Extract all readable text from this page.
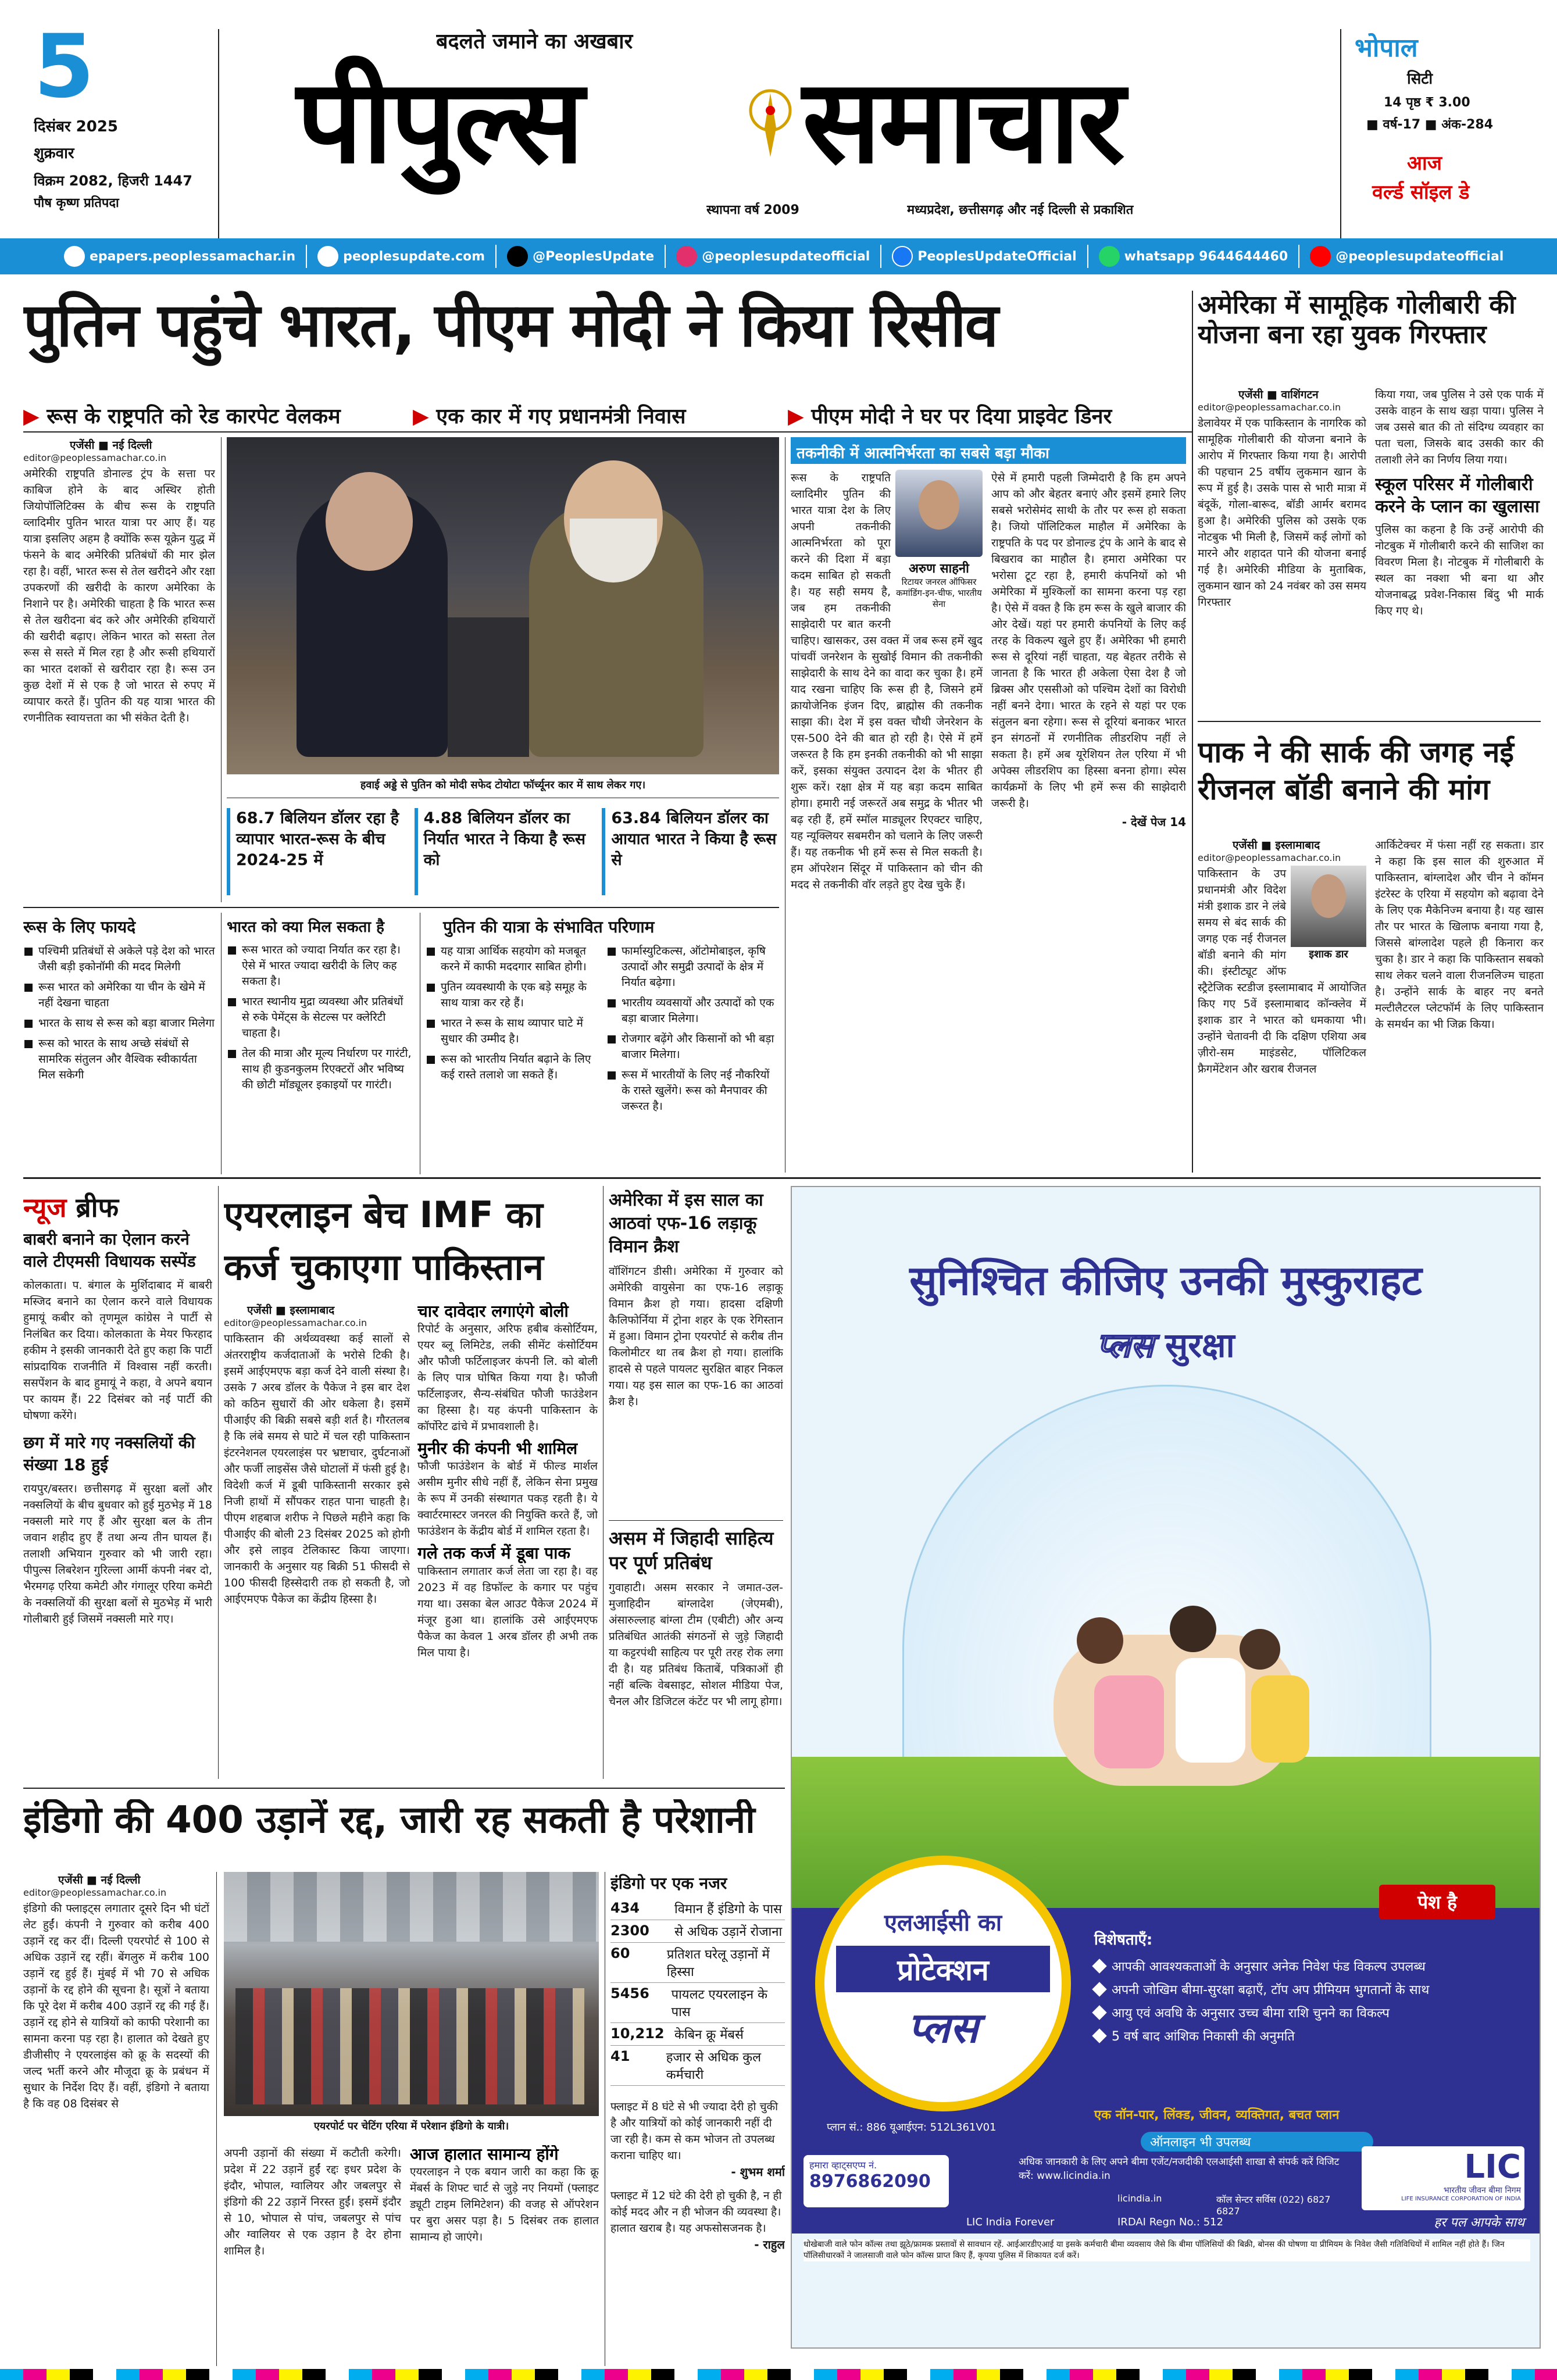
5
दिसंबर 2025
शुक्रवार
विक्रम 2082, हिजरी 1447
पौष कृष्ण प्रतिपदा
बदलते जमाने का अखबार
पीपुल्स समाचार
स्थापना वर्ष 2009	मध्यप्रदेश, छत्तीसगढ़ और नई दिल्ली से प्रकाशित
भोपाल
सिटी
14 पृष्ठ ₹ 3.00
■ वर्ष-17 ■ अंक-284
आज
वर्ल्ड सॉइल डे
epapers.peoplessamachar.in	peoplesupdate.com	@PeoplesUpdate	@peoplesupdateofficial	PeoplesUpdateOfficial	whatsapp 9644644460	@peoplesupdateofficial
पुतिन पहुंचे भारत, पीएम मोदी ने किया रिसीव
▶ रूस के राष्ट्रपति को रेड कारपेट वेलकम	▶ एक कार में गए प्रधानमंत्री निवास	▶ पीएम मोदी ने घर पर दिया प्राइवेट डिनर
एजेंसी ■ नई दिल्ली
editor@peoplessamachar.co.in
अमेरिकी राष्ट्रपति डोनाल्ड ट्रंप के सत्ता पर काबिज होने के बाद अस्थिर होती जियोपॉलिटिक्स के बीच रूस के राष्ट्रपति व्लादिमीर पुतिन भारत यात्रा पर आए हैं। यह यात्रा इसलिए अहम है क्योंकि रूस यूक्रेन युद्ध में फंसने के बाद अमेरिकी प्रतिबंधों की मार झेल रहा है। वहीं, भारत रूस से तेल खरीदने और रक्षा उपकरणों की खरीदी के कारण अमेरिका के निशाने पर है। अमेरिकी चाहता है कि भारत रूस से तेल खरीदना बंद करे और अमेरिकी हथियारों की खरीदी बढ़ाए। लेकिन भारत को सस्ता तेल रूस से सस्ते में मिल रहा है और रूसी हथियारों का भारत दशकों से खरीदार रहा है। रूस उन कुछ देशों में से एक है जो भारत से रुपए में व्यापार करते हैं। पुतिन की यह यात्रा भारत की रणनीतिक स्वायत्तता का भी संकेत देती है।
हवाई अड्डे से पुतिन को मोदी सफेद टोयोटा फॉर्च्यूनर कार में साथ लेकर गए।
68.7 बिलियन डॉलर रहा है व्यापार भारत-रूस के बीच 2024-25 में
4.88 बिलियन डॉलर का निर्यात भारत ने किया है रूस को
63.84 बिलियन डॉलर का आयात भारत ने किया है रूस से
रूस के लिए फायदे
पश्चिमी प्रतिबंधों से अकेले पड़े देश को भारत जैसी बड़ी इकोनॉमी की मदद मिलेगी
रूस भारत को अमेरिका या चीन के खेमे में नहीं देखना चाहता
भारत के साथ से रूस को बड़ा बाजार मिलेगा
रूस को भारत के साथ अच्छे संबंधों से सामरिक संतुलन और वैश्विक स्वीकार्यता मिल सकेगी
भारत को क्या मिल सकता है
रूस भारत को ज्यादा निर्यात कर रहा है। ऐसे में भारत ज्यादा खरीदी के लिए कह सकता है।
भारत स्थानीय मुद्रा व्यवस्था और प्रतिबंधों से रुके पेमेंट्स के सेटल्स पर क्लेरिटी चाहता है।
तेल की मात्रा और मूल्य निर्धारण पर गारंटी, साथ ही कुडनकुलम रिएक्टरों और भविष्य की छोटी मॉड्यूलर इकाइयों पर गारंटी।
पुतिन की यात्रा के संभावित परिणाम
यह यात्रा आर्थिक सहयोग को मजबूत करने में काफी मददगार साबित होगी।
पुतिन व्यवस्थायी के एक बड़े समूह के साथ यात्रा कर रहे हैं।
भारत ने रूस के साथ व्यापार घाटे में सुधार की उम्मीद है।
रूस को भारतीय निर्यात बढ़ाने के लिए कई रास्ते तलाशे जा सकते हैं।
फार्मास्युटिकल्स, ऑटोमोबाइल, कृषि उत्पादों और समुद्री उत्पादों के क्षेत्र में निर्यात बढ़ेगा।
भारतीय व्यवसायों और उत्पादों को एक बड़ा बाजार मिलेगा।
रोजगार बढ़ेंगे और किसानों को भी बड़ा बाजार मिलेगा।
रूस में भारतीयों के लिए नई नौकरियों के रास्ते खुलेंगे। रूस को मैनपावर की जरूरत है।
तकनीकी में आत्मनिर्भरता का सबसे बड़ा मौका
अरुण साहनी
रिटायर जनरल ऑफिसर कमांडिंग-इन-चीफ, भारतीय सेना
रूस के राष्ट्रपति व्लादिमीर पुतिन की भारत यात्रा देश के लिए अपनी तकनीकी आत्मनिर्भरता को पूरा करने की दिशा में बड़ा कदम साबित हो सकती है। यह सही समय है, जब हम तकनीकी साझेदारी पर बात करनी चाहिए। खासकर, उस वक्त में जब रूस हमें खुद पांचवीं जनरेशन के सुखोई विमान की तकनीकी साझेदारी के साथ देने का वादा कर चुका है। हमें याद रखना चाहिए कि रूस ही है, जिसने हमें क्रायोजेनिक इंजन दिए, ब्राह्मोस की तकनीक साझा की। देश में इस वक्त चौथी जेनरेशन के एस-500 देने की बात हो रही है। ऐसे में हमें जरूरत है कि हम इनकी तकनीकी को भी साझा करें, इसका संयुक्त उत्पादन देश के भीतर ही शुरू करें। रक्षा क्षेत्र में यह बड़ा कदम साबित होगा। हमारी नई जरूरतें अब समुद्र के भीतर भी बढ़ रही हैं, हमें स्मॉल माड्यूलर रिएक्टर चाहिए, यह न्यूक्लियर सबमरीन को चलाने के लिए जरूरी हैं। यह तकनीक भी हमें रूस से मिल सकती है। हम ऑपरेशन सिंदूर में पाकिस्तान को चीन की मदद से तकनीकी वॉर लड़ते हुए देख चुके हैं।
ऐसे में हमारी पहली जिम्मेदारी है कि हम अपने आप को और बेहतर बनाएं और इसमें हमारे लिए सबसे भरोसेमंद साथी के तौर पर रूस हो सकता है। जियो पॉलिटिकल माहौल में अमेरिका के राष्ट्रपति के पद पर डोनाल्ड ट्रंप के आने के बाद से बिखराव का माहौल है। हमारा अमेरिका पर भरोसा टूट रहा है, हमारी कंपनियों को भी अमेरिका में मुश्किलों का सामना करना पड़ रहा है। ऐसे में वक्त है कि हम रूस के खुले बाजार की ओर देखें। यहां पर हमारी कंपनियों के लिए कई तरह के विकल्प खुले हुए हैं। अमेरिका भी हमारी रूस से दूरियां नहीं चाहता, यह बेहतर तरीके से जानता है कि भारत ही अकेला ऐसा देश है जो ब्रिक्स और एससीओ को पश्चिम देशों का विरोधी नहीं बनने देगा। भारत के रहने से यहां पर एक संतुलन बना रहेगा। रूस से दूरियां बनाकर भारत इन संगठनों में रणनीतिक लीडरशिप नहीं ले सकता है। हमें अब यूरेशियन तेल एरिया में भी अपेक्स लीडरशिप का हिस्सा बनना होगा। स्पेस कार्यक्रमों के लिए भी हमें रूस की साझेदारी जरूरी है।
- देखें पेज 14
अमेरिका में सामूहिक गोलीबारी की योजना बना रहा युवक गिरफ्तार
एजेंसी ■ वाशिंगटन
editor@peoplessamachar.co.in
डेलावेयर में एक पाकिस्तान के नागरिक को सामूहिक गोलीबारी की योजना बनाने के आरोप में गिरफ्तार किया गया है। आरोपी की पहचान 25 वर्षीय लुकमान खान के रूप में हुई है। उसके पास से भारी मात्रा में बंदूकें, गोला-बारूद, बॉडी आर्मर बरामद हुआ है। अमेरिकी पुलिस को उसके एक नोटबुक भी मिली है, जिसमें कई लोगों को मारने और शहादत पाने की योजना बनाई गई है। अमेरिकी मीडिया के मुताबिक, लुकमान खान को 24 नवंबर को उस समय गिरफ्तार
किया गया, जब पुलिस ने उसे एक पार्क में उसके वाहन के साथ खड़ा पाया। पुलिस ने जब उससे बात की तो संदिग्ध व्यवहार का पता चला, जिसके बाद उसकी कार की तलाशी लेने का निर्णय लिया गया।
स्कूल परिसर में गोलीबारी करने के प्लान का खुलासा
पुलिस का कहना है कि उन्हें आरोपी की नोटबुक में गोलीबारी करने की साजिश का विवरण मिला है। नोटबुक में गोलीबारी के स्थल का नक्शा भी बना था और योजनाबद्ध प्रवेश-निकास बिंदु भी मार्क किए गए थे।
पाक ने की सार्क की जगह नई रीजनल बॉडी बनाने की मांग
एजेंसी ■ इस्लामाबाद
editor@peoplessamachar.co.in
इशाक डार
पाकिस्तान के उप प्रधानमंत्री और विदेश मंत्री इशाक डार ने लंबे समय से बंद सार्क की जगह एक नई रीजनल बॉडी बनाने की मांग की। इंस्टीट्यूट ऑफ स्ट्रैटेजिक स्टडीज इस्लामाबाद में आयोजित किए गए 5वें इस्लामाबाद कॉन्क्लेव में इशाक डार ने भारत को धमकाया भी। उन्होंने चेतावनी दी कि दक्षिण एशिया अब ज़ीरो-सम माइंडसेट, पॉलिटिकल फ्रैगमेंटेशन और खराब रीजनल
आर्किटेक्चर में फंसा नहीं रह सकता। डार ने कहा कि इस साल की शुरुआत में पाकिस्तान, बांग्लादेश और चीन ने कॉमन इंटरेस्ट के एरिया में सहयोग को बढ़ावा देने के लिए एक मैकेनिज्म बनाया है। यह खास तौर पर भारत के खिलाफ बनाया गया है, जिससे बांग्लादेश पहले ही किनारा कर चुका है। डार ने कहा कि पाकिस्तान सबको साथ लेकर चलने वाला रीजनलिज्म चाहता है। उन्होंने सार्क के बाहर नए बनते मल्टीलैटरल प्लेटफॉर्म के लिए पाकिस्तान के समर्थन का भी जिक्र किया।
न्यूज ब्रीफ
बाबरी बनाने का ऐलान करने वाले टीएमसी विधायक सस्पेंड
कोलकाता। प. बंगाल के मुर्शिदाबाद में बाबरी मस्जिद बनाने का ऐलान करने वाले विधायक हुमायूं कबीर को तृणमूल कांग्रेस ने पार्टी से निलंबित कर दिया। कोलकाता के मेयर फिरहाद हकीम ने इसकी जानकारी देते हुए कहा कि पार्टी सांप्रदायिक राजनीति में विश्वास नहीं करती। ससपेंशन के बाद हुमायूं ने कहा, वे अपने बयान पर कायम हैं। 22 दिसंबर को नई पार्टी की घोषणा करेंगे।
छग में मारे गए नक्सलियों की संख्या 18 हुई
रायपुर/बस्तर। छत्तीसगढ़ में सुरक्षा बलों और नक्सलियों के बीच बुधवार को हुई मुठभेड़ में 18 नक्सली मारे गए हैं और सुरक्षा बल के तीन जवान शहीद हुए हैं तथा अन्य तीन घायल हैं। तलाशी अभियान गुरुवार को भी जारी रहा। पीपुल्स लिबरेशन गुरिल्ला आर्मी कंपनी नंबर दो, भैरमगढ़ एरिया कमेटी और गंगालूर एरिया कमेटी के नक्सलियों की सुरक्षा बलों से मुठभेड़ में भारी गोलीबारी हुई जिसमें नक्सली मारे गए।
एयरलाइन बेच IMF का कर्ज चुकाएगा पाकिस्तान
एजेंसी ■ इस्लामाबाद
editor@peoplessamachar.co.in
पाकिस्तान की अर्थव्यवस्था कई सालों से अंतरराष्ट्रीय कर्जदाताओं के भरोसे टिकी है। इसमें आईएमएफ बड़ा कर्ज देने वाली संस्था है। उसके 7 अरब डॉलर के पैकेज ने इस बार देश को कठिन सुधारों की ओर धकेला है। इसमें पीआईए की बिक्री सबसे बड़ी शर्त है। गौरतलब है कि लंबे समय से घाटे में चल रही पाकिस्तान इंटरनेशनल एयरलाइंस पर भ्रष्टाचार, दुर्घटनाओं और फर्जी लाइसेंस जैसे घोटालों में फंसी हुई है। विदेशी कर्ज में डूबी पाकिस्तानी सरकार इसे निजी हाथों में सौंपकर राहत पाना चाहती है। पीएम शहबाज शरीफ ने पिछले महीने कहा कि पीआईए की बोली 23 दिसंबर 2025 को होगी और इसे लाइव टेलिकास्ट किया जाएगा। जानकारी के अनुसार यह बिक्री 51 फीसदी से 100 फीसदी हिस्सेदारी तक हो सकती है, जो आईएमएफ पैकेज का केंद्रीय हिस्सा है।
चार दावेदार लगाएंगे बोली
रिपोर्ट के अनुसार, अरिफ हबीब कंसोर्टियम, एयर ब्लू लिमिटेड, लकी सीमेंट कंसोर्टियम और फौजी फर्टिलाइजर कंपनी लि. को बोली के लिए पात्र घोषित किया गया है। फौजी फर्टिलाइजर, सैन्य-संबंधित फौजी फाउंडेशन का हिस्सा है। यह कंपनी पाकिस्तान के कॉर्पोरेट ढांचे में प्रभावशाली है।
मुनीर की कंपनी भी शामिल
फौजी फाउंडेशन के बोर्ड में फील्ड मार्शल असीम मुनीर सीधे नहीं हैं, लेकिन सेना प्रमुख के रूप में उनकी संस्थागत पकड़ रहती है। ये क्वार्टरमास्टर जनरल की नियुक्ति करते हैं, जो फाउंडेशन के केंद्रीय बोर्ड में शामिल रहता है।
गले तक कर्ज में डूबा पाक
पाकिस्तान लगातार कर्ज लेता जा रहा है। वह 2023 में वह डिफॉल्ट के कगार पर पहुंच गया था। उसका बेल आउट पैकेज 2024 में मंजूर हुआ था। हालांकि उसे आईएमएफ पैकेज का केवल 1 अरब डॉलर ही अभी तक मिल पाया है।
अमेरिका में इस साल का आठवां एफ-16 लड़ाकू विमान क्रैश
वॉशिंगटन डीसी। अमेरिका में गुरुवार को अमेरिकी वायुसेना का एफ-16 लड़ाकू विमान क्रैश हो गया। हादसा दक्षिणी कैलिफोर्निया में ट्रोना शहर के एक रेगिस्तान में हुआ। विमान ट्रोना एयरपोर्ट से करीब तीन किलोमीटर था तब क्रैश हो गया। हालांकि हादसे से पहले पायलट सुरक्षित बाहर निकल गया। यह इस साल का एफ-16 का आठवां क्रैश है।
असम में जिहादी साहित्य पर पूर्ण प्रतिबंध
गुवाहाटी। असम सरकार ने जमात-उल-मुजाहिदीन बांग्लादेश (जेएमबी), अंसारुल्लाह बांग्ला टीम (एबीटी) और अन्य प्रतिबंधित आतंकी संगठनों से जुड़े जिहादी या कट्टरपंथी साहित्य पर पूरी तरह रोक लगा दी है। यह प्रतिबंध किताबें, पत्रिकाओं ही नहीं बल्कि वेबसाइट, सोशल मीडिया पेज, चैनल और डिजिटल कंटेंट पर भी लागू होगा।
सुनिश्चित कीजिए उनकी मुस्कुराहट
प्लस सुरक्षा
पेश है
एलआईसी का
प्रोटेक्शन
प्लस
प्लान सं.: 886 यूआईएन: 512L361V01
विशेषताएँ:
आपकी आवश्यकताओं के अनुसार अनेक निवेश फंड विकल्प उपलब्ध
अपनी जोखिम बीमा-सुरक्षा बढ़ाएँ, टॉप अप प्रीमियम भुगतानों के साथ
आयु एवं अवधि के अनुसार उच्च बीमा राशि चुनने का विकल्प
5 वर्ष बाद आंशिक निकासी की अनुमति
एक नॉन-पार, लिंक्ड, जीवन, व्यक्तिगत, बचत प्लान
ऑनलाइन भी उपलब्ध
हमारा व्हाट्सएप्प नं.
8976862090
अधिक जानकारी के लिए अपने बीमा एजेंट/नजदीकी एलआईसी शाखा से संपर्क करें विजिट करें: www.licindia.in
कॉल सेन्टर सर्विस (022) 6827 6827
licindia.in
LIC India Forever	IRDAI Regn No.: 512
LIC
भारतीय जीवन बीमा निगम
LIFE INSURANCE CORPORATION OF INDIA
हर पल आपके साथ
धोखेबाजी वाले फोन कॉल्स तथा झूठे/फ्रामक प्रस्तावों से सावधान रहें. आईआरडीएआई या इसके कर्मचारी बीमा व्यवसाय जैसे कि बीमा पॉलिसियों की बिक्री, बोनस की घोषणा या प्रीमियम के निवेश जैसी गतिविधियों में शामिल नहीं होते हैं। जिन पॉलिसीधारकों ने जालसाजी वाले फोन कॉल्स प्राप्त किए हैं, कृपया पुलिस में शिकायत दर्ज करें।
इंडिगो की 400 उड़ानें रद्द, जारी रह सकती है परेशानी
एजेंसी ■ नई दिल्ली
editor@peoplessamachar.co.in
इंडिगो की फ्लाइट्स लगातार दूसरे दिन भी घंटों लेट हुईं। कंपनी ने गुरुवार को करीब 400 उड़ानें रद्द कर दीं। दिल्ली एयरपोर्ट से 100 से अधिक उड़ानें रद्द रहीं। बेंगलुरु में करीब 100 उड़ानें रद्द हुई हैं। मुंबई में भी 70 से अधिक उड़ानों के रद्द होने की सूचना है। सूत्रों ने बताया कि पूरे देश में करीब 400 उड़ानें रद्द की गई हैं। उड़ानें रद्द होने से यात्रियों को काफी परेशानी का सामना करना पड़ रहा है। हालात को देखते हुए डीजीसीए ने एयरलाइंस को क्रू के सदस्यों की जल्द भर्ती करने और मौजूदा क्रू के प्रबंधन में सुधार के निर्देश दिए हैं। वहीं, इंडिगो ने बताया है कि वह 08 दिसंबर से
एयरपोर्ट पर चेटिंग एरिया में परेशान इंडिगो के यात्री।
अपनी उड़ानों की संख्या में कटौती करेगी। प्रदेश में 22 उड़ानें हुईं रद्दः इधर प्रदेश के इंदौर, भोपाल, ग्वालियर और जबलपुर से इंडिगो की 22 उड़ानें निरस्त हुईं। इसमें इंदौर से 10, भोपाल से पांच, जबलपुर से पांच और ग्वालियर से एक उड़ान है देर होना शामिल है।
आज हालात सामान्य होंगे
एयरलाइन ने एक बयान जारी का कहा कि क्रू मेंबर्स के शिफ्ट चार्ट से जुड़े नए नियमों (फ्लाइट ड्यूटी टाइम लिमिटेशन) की वजह से ऑपरेशन पर बुरा असर पड़ा है। 5 दिसंबर तक हालात सामान्य हो जाएंगे।
इंडिगो पर एक नजर
434	विमान हैं इंडिगो के पास
2300	से अधिक उड़ानें रोजाना
60	प्रतिशत घरेलू उड़ानों में हिस्सा
5456	पायलट एयरलाइन के पास
10,212 केबिन क्रू मेंबर्स
41	हजार से अधिक कुल कर्मचारी
फ्लाइट में 8 घंटे से भी ज्यादा देरी हो चुकी है और यात्रियों को कोई जानकारी नहीं दी जा रही है। कम से कम भोजन तो उपलब्ध कराना चाहिए था।
- शुभम शर्मा
फ्लाइट में 12 घंटे की देरी हो चुकी है, न ही कोई मदद और न ही भोजन की व्यवस्था है। हालात खराब है। यह अफसोसजनक है।
- राहुल
